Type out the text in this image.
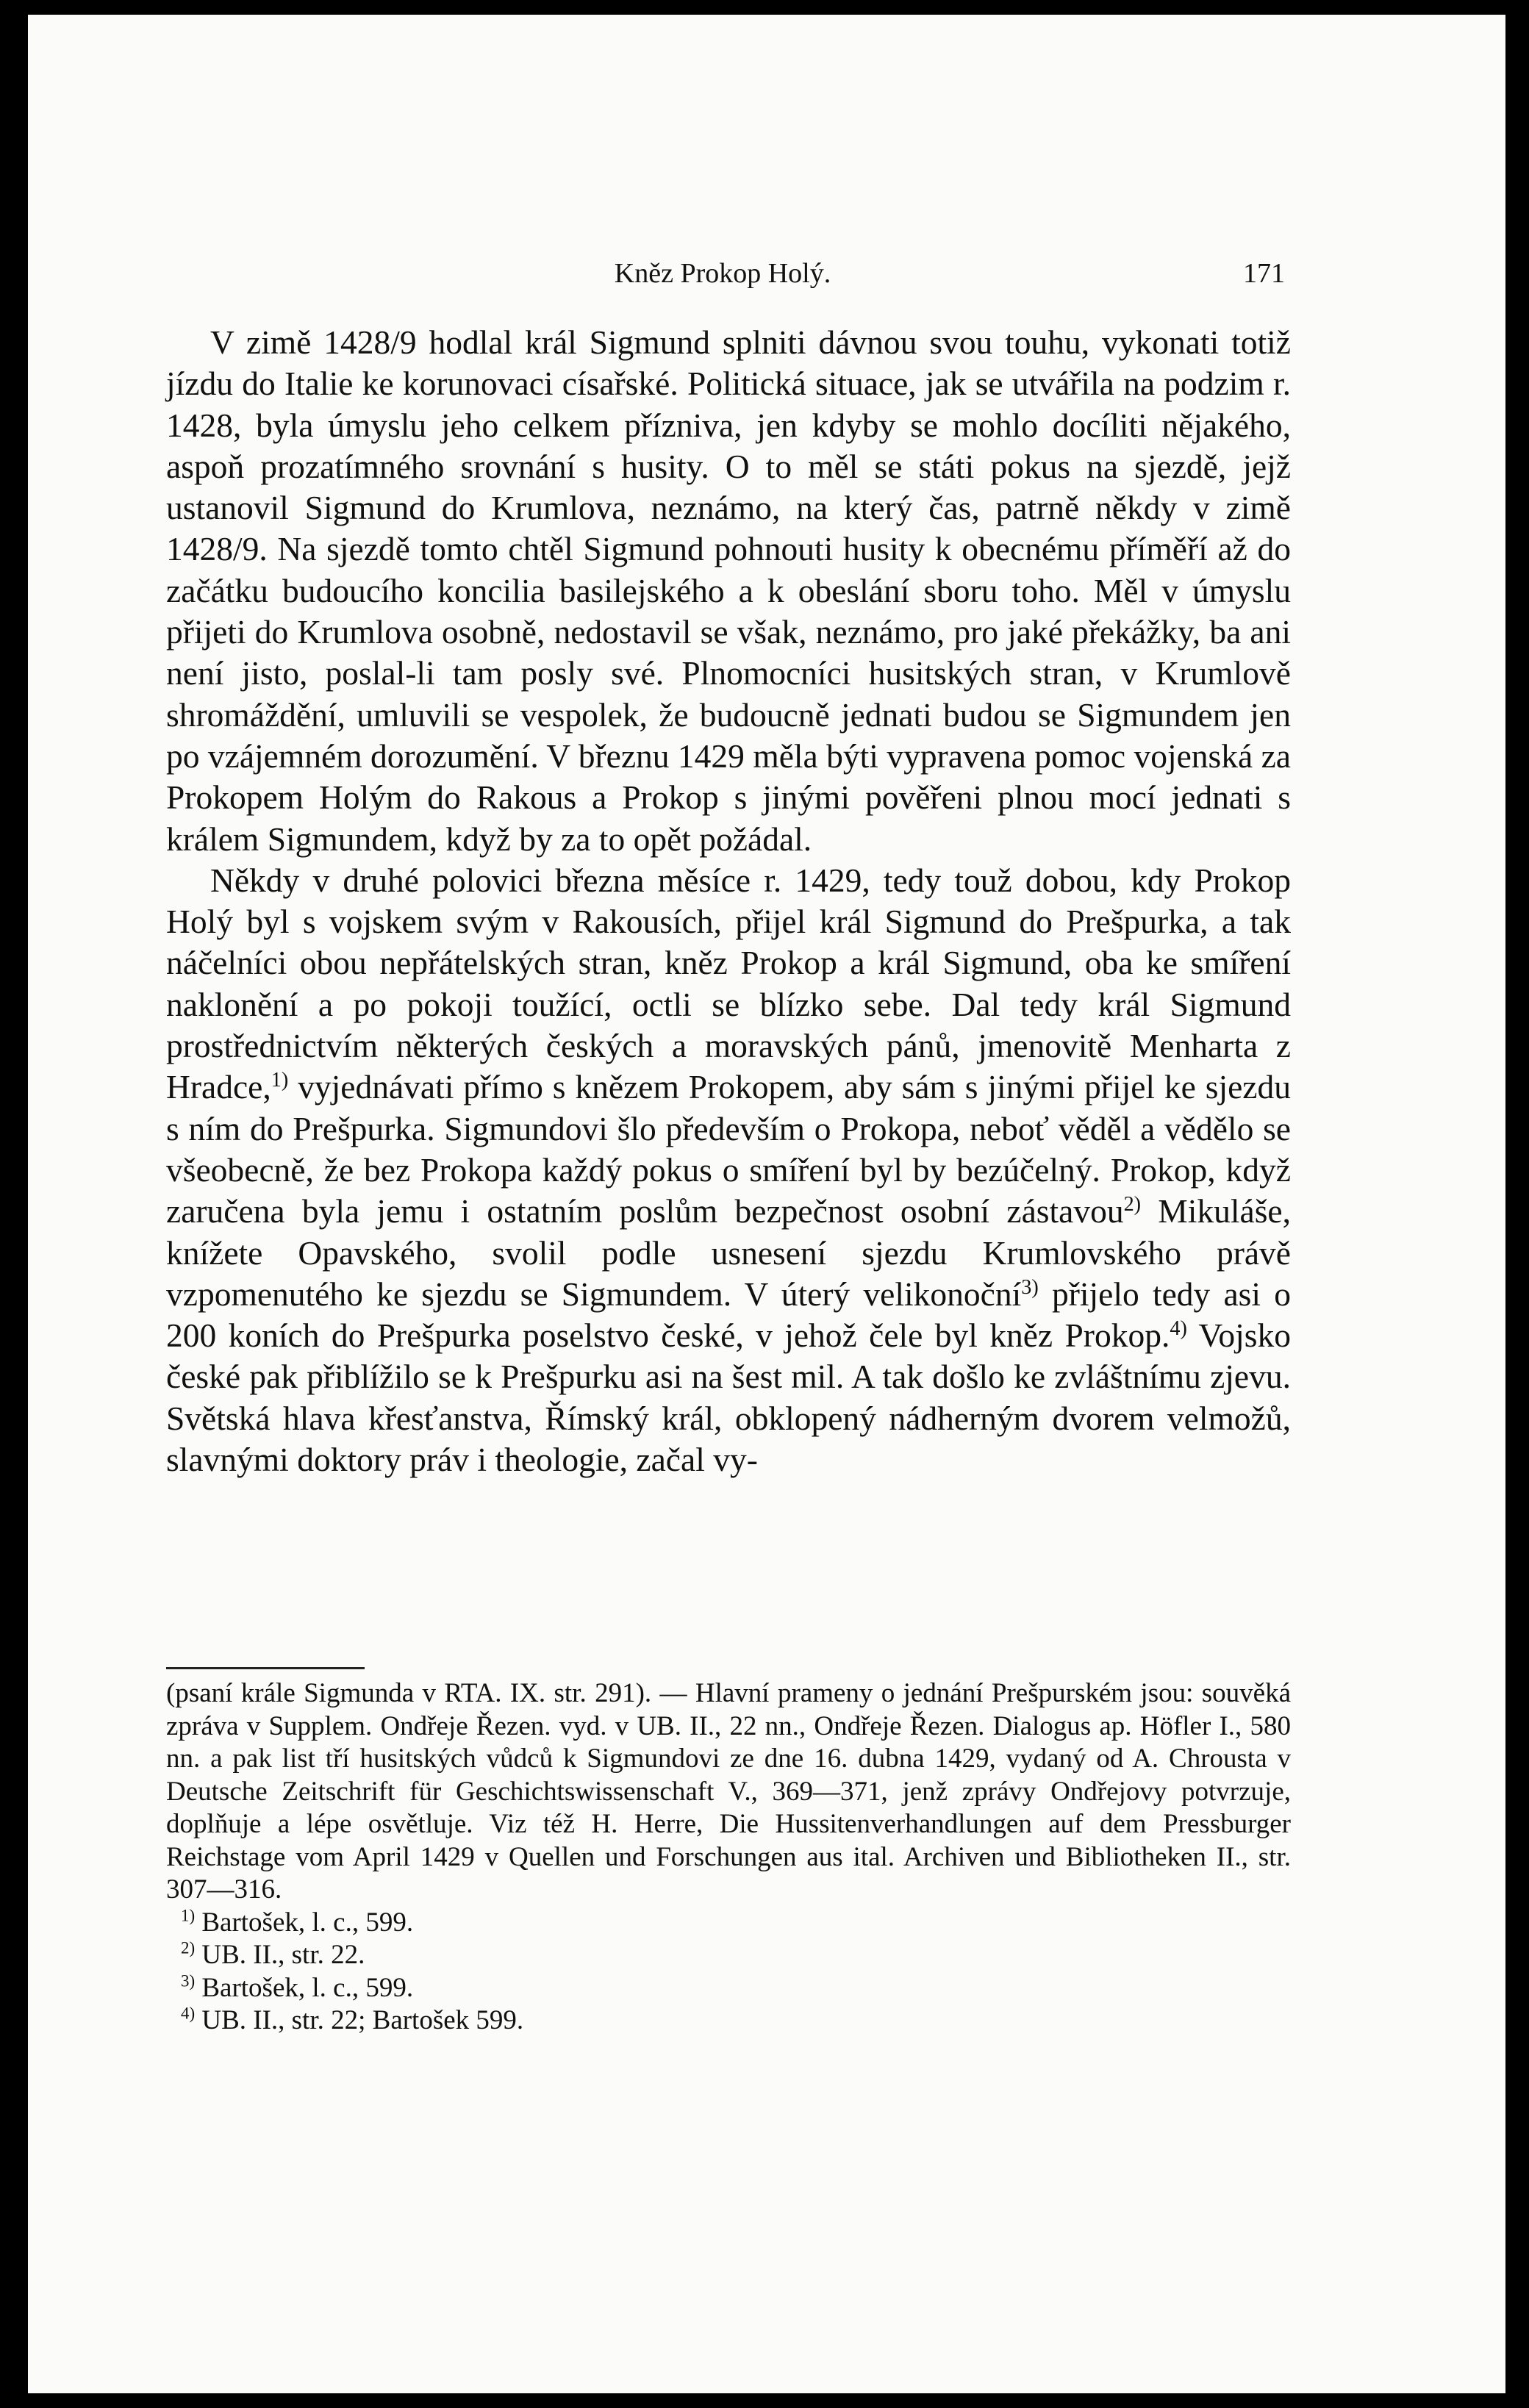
Kněz Prokop Holý.	171

V zimě 1428/9 hodlal král Sigmund splniti dávnou svou touhu, vykonati totiž jízdu do Italie ke korunovaci císařské. Politická situace, jak se utvářila na podzim r. 1428, byla úmyslu jeho celkem příznivа, jen kdyby se mohlo docíliti nějakého, aspoň prozatímného srovnání s husity. O to měl se státi pokus na sjezdě, jejž ustanovil Sigmund do Krumlova, neznámo, na který čas, patrně někdy v zimě 1428/9. Na sjezdě tomto chtěl Sigmund pohnouti husity k obecnému příměří až do začátku budoucího koncilia basilejského a k obeslání sboru toho. Měl v úmyslu přijeti do Krumlova osobně, nedostavil se však, neznámo, pro jaké překážky, ba ani není jisto, poslal-li tam posly své. Plnomocníci husitských stran, v Krumlově shromáždění, umluvili se vespolek, že budoucně jednati budou se Sigmundem jen po vzájemném dorozumění. V březnu 1429 měla býti vypravena pomoc vojenská za Prokopem Holým do Rakous a Prokop s jinými pověřeni plnou mocí jednati s králem Sigmundem, když by za to opět požádal.

Někdy v druhé polovici března měsíce r. 1429, tedy touž dobou, kdy Prokop Holý byl s vojskem svým v Rakousích, přijel král Sigmund do Prešpurka, a tak náčelníci obou nepřátelských stran, kněz Prokop a král Sigmund, oba ke smíření naklonění a po pokoji toužící, octli se blízko sebe. Dal tedy král Sigmund prostřednictvím některých českých a moravských pánů, jmenovitě Menharta z Hradce,$^{1)}$ vyjednávati přímo s knězem Prokopem, aby sám s jinými přijel ke sjezdu s ním do Prešpurka. Sigmundovi šlo především o Prokopa, neboť věděl a vědělo se všeobecně, že bez Prokopa každý pokus o smíření byl by bezúčelný. Prokop, když zaručena byla jemu i ostatním poslům bezpečnost osobní zástavou$^{2)}$ Mikuláše, knížete Opavského, svolil podle usnesení sjezdu Krumlovského právě vzpomenutého ke sjezdu se Sigmundem. V úterý velikonoční$^{3)}$ přijelo tedy asi o 200 koních do Prešpurka poselstvo české, v jehož čele byl kněz Prokop.$^{4)}$ Vojsko české pak přiblížilo se k Prešpurku asi na šest mil. A tak došlo ke zvláštnímu zjevu. Světská hlava křesťanstva, Římský král, obklopený nádherným dvorem velmožů, slavnými doktory práv i theologie, začal vy-

(psaní krále Sigmunda v RTA. IX. str. 291). — Hlavní prameny o jednání Prešpurském jsou: souvěká zpráva v Supplem. Ondřeje Řezen. vyd. v UB. II., 22 nn., Ondřeje Řezen. Dialogus ap. Höfler I., 580 nn. a pak list tří husitských vůdců k Sigmundovi ze dne 16. dubna 1429, vydaný od A. Chrousta v Deutsche Zeitschrift für Geschichtswissenschaft V., 369—371, jenž zprávy Ondřejovy potvrzuje, doplňuje a lépe osvětluje. Viz též H. Herre, Die Hussitenverhandlungen auf dem Pressburger Reichstage vom April 1429 v Quellen und Forschungen aus ital. Archiven und Bibliotheken II., str. 307—316.

$^{1)}$ Bartošek, l. c., 599.

$^{2)}$ UB. II., str. 22.

$^{3)}$ Bartošek, l. c., 599.

$^{4)}$ UB. II., str. 22; Bartošek 599.
